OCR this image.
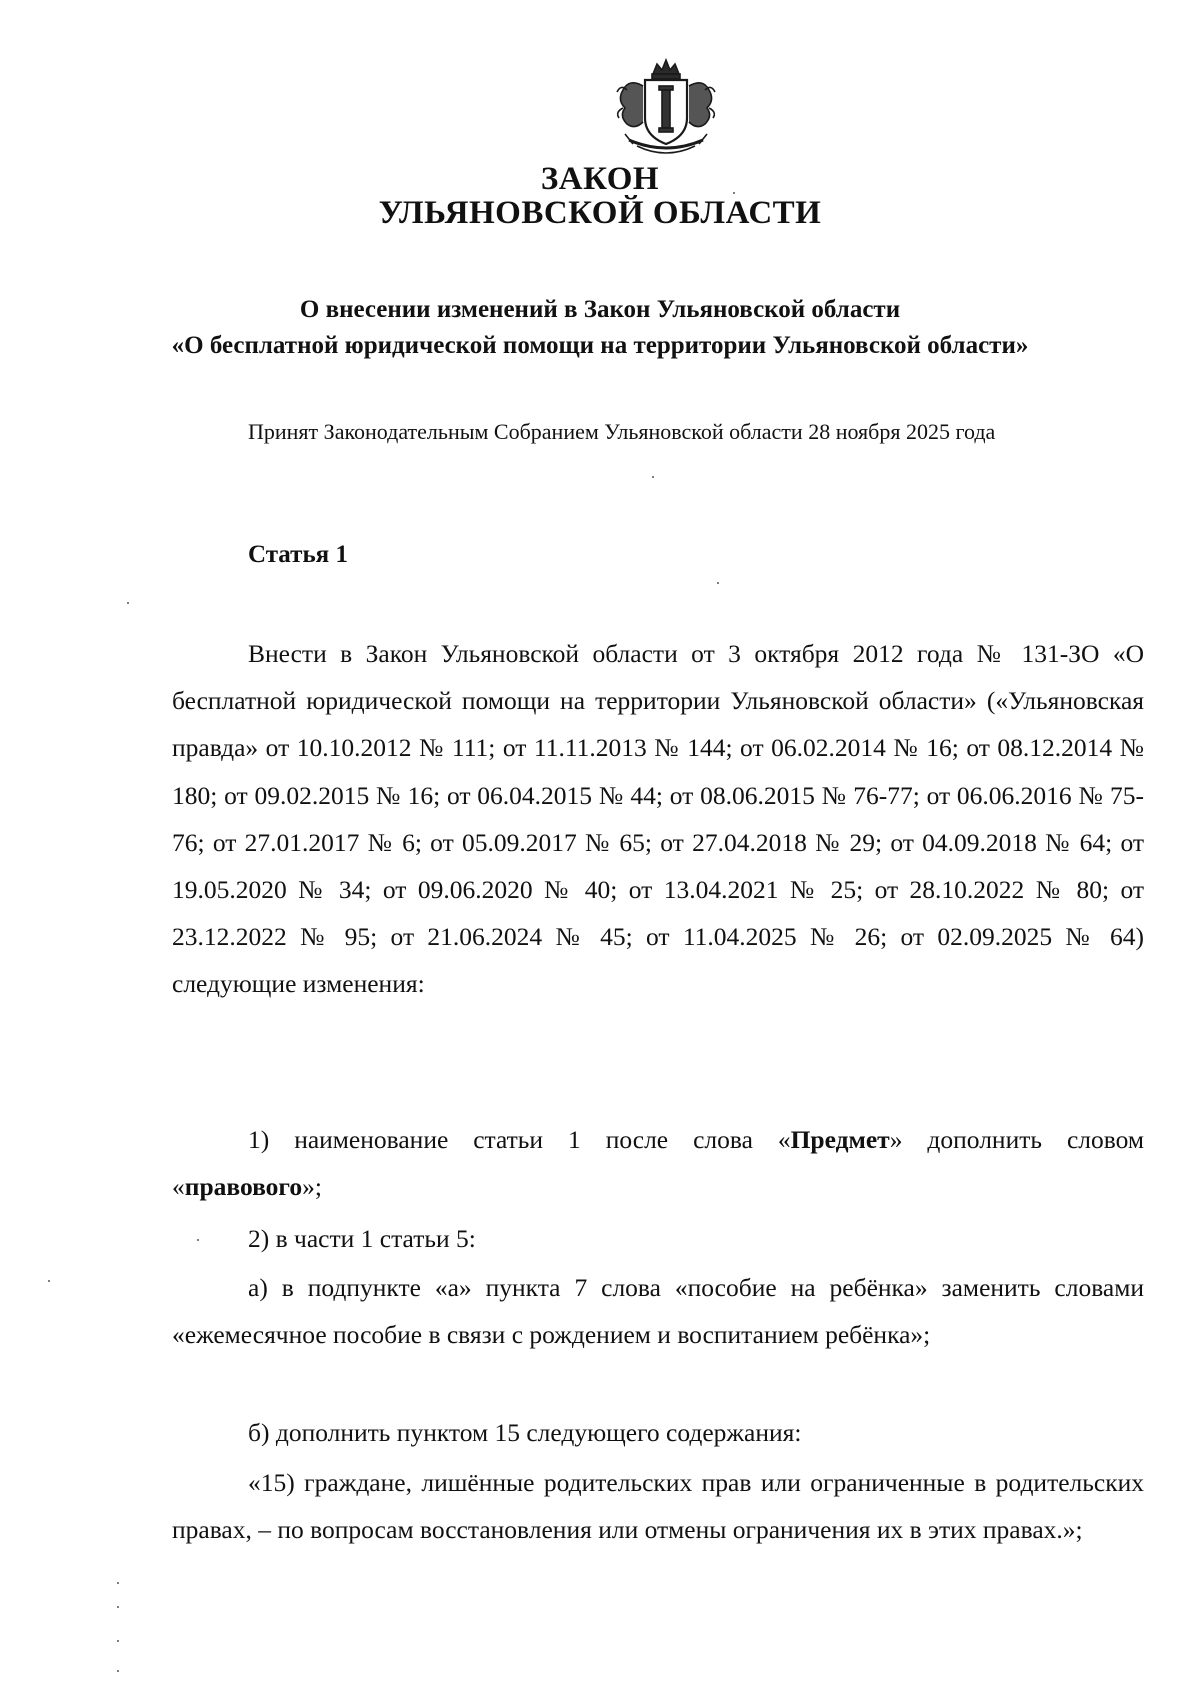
ЗАКОН
УЛЬЯНОВСКОЙ ОБЛАСТИ
О внесении изменений в Закон Ульяновской области
«О бесплатной юридической помощи на территории Ульяновской области»
Принят Законодательным Собранием Ульяновской области 28 ноября 2025 года
Статья 1

Внести в Закон Ульяновской области от 3 октября 2012 года № 131-ЗО «О бесплатной юридической помощи на территории Ульяновской области» («Ульяновская правда» от 10.10.2012 № 111; от 11.11.2013 № 144; от 06.02.2014 № 16; от 08.12.2014 № 180; от 09.02.2015 № 16; от 06.04.2015 № 44; от 08.06.2015 № 76-77; от 06.06.2016 № 75-76; от 27.01.2017 № 6; от 05.09.2017 № 65; от 27.04.2018 № 29; от 04.09.2018 № 64; от 19.05.2020 № 34; от 09.06.2020 № 40; от 13.04.2021 № 25; от 28.10.2022 № 80; от 23.12.2022 № 95; от 21.06.2024 № 45; от 11.04.2025 № 26; от 02.09.2025 № 64) следующие изменения:

1) наименование статьи 1 после слова «Предмет» дополнить словом «правового»;

2) в части 1 статьи 5:

а) в подпункте «а» пункта 7 слова «пособие на ребёнка» заменить словами «ежемесячное пособие в связи с рождением и воспитанием ребёнка»;

б) дополнить пунктом 15 следующего содержания:

«15) граждане, лишённые родительских прав или ограниченные в родительских правах, – по вопросам восстановления или отмены ограничения их в этих правах.»;
